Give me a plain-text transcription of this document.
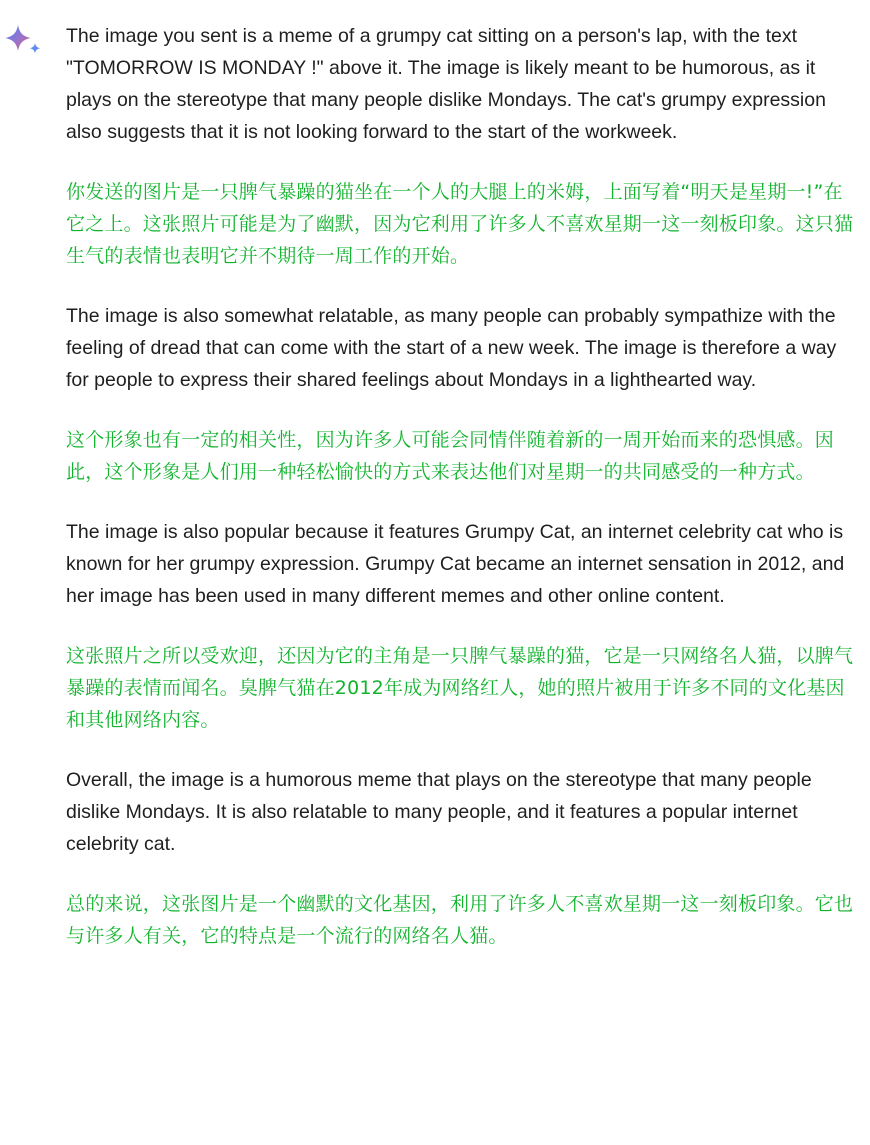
The image you sent is a meme of a grumpy cat sitting on a person's lap, with the text "TOMORROW IS MONDAY !" above it. The image is likely meant to be humorous, as it plays on the stereotype that many people dislike Mondays. The cat's grumpy expression also suggests that it is not looking forward to the start of the workweek.

你发送的图片是一只脾气暴躁的猫坐在一个人的大腿上的米姆，上面写着“明天是星期一!”在它之上。这张照片可能是为了幽默，因为它利用了许多人不喜欢星期一这一刻板印象。这只猫生气的表情也表明它并不期待一周工作的开始。

The image is also somewhat relatable, as many people can probably sympathize with the feeling of dread that can come with the start of a new week. The image is therefore a way for people to express their shared feelings about Mondays in a lighthearted way.

这个形象也有一定的相关性，因为许多人可能会同情伴随着新的一周开始而来的恐惧感。因此，这个形象是人们用一种轻松愉快的方式来表达他们对星期一的共同感受的一种方式。

The image is also popular because it features Grumpy Cat, an internet celebrity cat who is known for her grumpy expression. Grumpy Cat became an internet sensation in 2012, and her image has been used in many different memes and other online content.

这张照片之所以受欢迎，还因为它的主角是一只脾气暴躁的猫，它是一只网络名人猫，以脾气暴躁的表情而闻名。臭脾气猫在2012年成为网络红人，她的照片被用于许多不同的文化基因和其他网络内容。

Overall, the image is a humorous meme that plays on the stereotype that many people dislike Mondays. It is also relatable to many people, and it features a popular internet celebrity cat.

总的来说，这张图片是一个幽默的文化基因，利用了许多人不喜欢星期一这一刻板印象。它也与许多人有关，它的特点是一个流行的网络名人猫。
